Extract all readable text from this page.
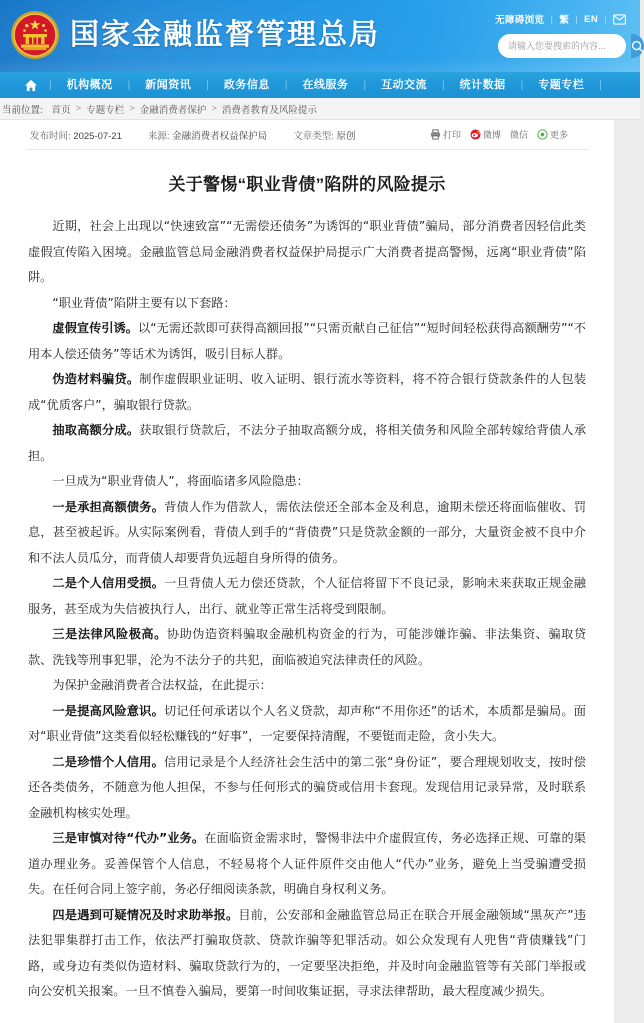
国家金融监督管理总局	无障碍浏览 | 繁 | EN |
请输入您要搜索的内容...
|	机构概况	|	新闻资讯	|	政务信息	|	在线服务	|	互动交流	|	统计数据	|	专题专栏	|
当前位置: 首页 > 专题专栏 > 金融消费者保护 > 消费者教育及风险提示
发布时间: 2025-07-21	来源: 金融消费者权益保护局	文章类型: 原创	打印 微博 微信 更多
关于警惕“职业背债”陷阱的风险提示

近期，社会上出现以“快速致富”“无需偿还债务”为诱饵的“职业背债”骗局，部分消费者因轻信此类虚假宣传陷入困境。金融监管总局金融消费者权益保护局提示广大消费者提高警惕，远离“职业背债”陷阱。

“职业背债”陷阱主要有以下套路：

虚假宣传引诱。以“无需还款即可获得高额回报”“只需贡献自己征信”“短时间轻松获得高额酬劳”“不用本人偿还债务”等话术为诱饵，吸引目标人群。

伪造材料骗贷。制作虚假职业证明、收入证明、银行流水等资料，将不符合银行贷款条件的人包装成“优质客户”，骗取银行贷款。

抽取高额分成。获取银行贷款后，不法分子抽取高额分成，将相关债务和风险全部转嫁给背债人承担。

一旦成为“职业背债人”，将面临诸多风险隐患：

一是承担高额债务。背债人作为借款人，需依法偿还全部本金及利息，逾期未偿还将面临催收、罚息，甚至被起诉。从实际案例看，背债人到手的“背债费”只是贷款金额的一部分，大量资金被不良中介和不法人员瓜分，而背债人却要背负远超自身所得的债务。

二是个人信用受损。一旦背债人无力偿还贷款，个人征信将留下不良记录，影响未来获取正规金融服务，甚至成为失信被执行人，出行、就业等正常生活将受到限制。

三是法律风险极高。协助伪造资料骗取金融机构资金的行为，可能涉嫌诈骗、非法集资、骗取贷款、洗钱等刑事犯罪，沦为不法分子的共犯，面临被追究法律责任的风险。

为保护金融消费者合法权益，在此提示：

一是提高风险意识。切记任何承诺以个人名义贷款，却声称“不用你还”的话术，本质都是骗局。面对“职业背债”这类看似轻松赚钱的“好事”，一定要保持清醒，不要铤而走险，贪小失大。

二是珍惜个人信用。信用记录是个人经济社会生活中的第二张“身份证”，要合理规划收支，按时偿还各类债务，不随意为他人担保，不参与任何形式的骗贷或信用卡套现。发现信用记录异常，及时联系金融机构核实处理。

三是审慎对待“代办”业务。在面临资金需求时，警惕非法中介虚假宣传，务必选择正规、可靠的渠道办理业务。妥善保管个人信息，不轻易将个人证件原件交由他人“代办”业务，避免上当受骗遭受损失。在任何合同上签字前，务必仔细阅读条款，明确自身权利义务。

四是遇到可疑情况及时求助举报。目前，公安部和金融监管总局正在联合开展金融领域“黑灰产”违法犯罪集群打击工作，依法严打骗取贷款、贷款诈骗等犯罪活动。如公众发现有人兜售“背债赚钱”门路，或身边有类似伪造材料、骗取贷款行为的，一定要坚决拒绝，并及时向金融监管等有关部门举报或向公安机关报案。一旦不慎卷入骗局，要第一时间收集证据，寻求法律帮助，最大程度减少损失。
